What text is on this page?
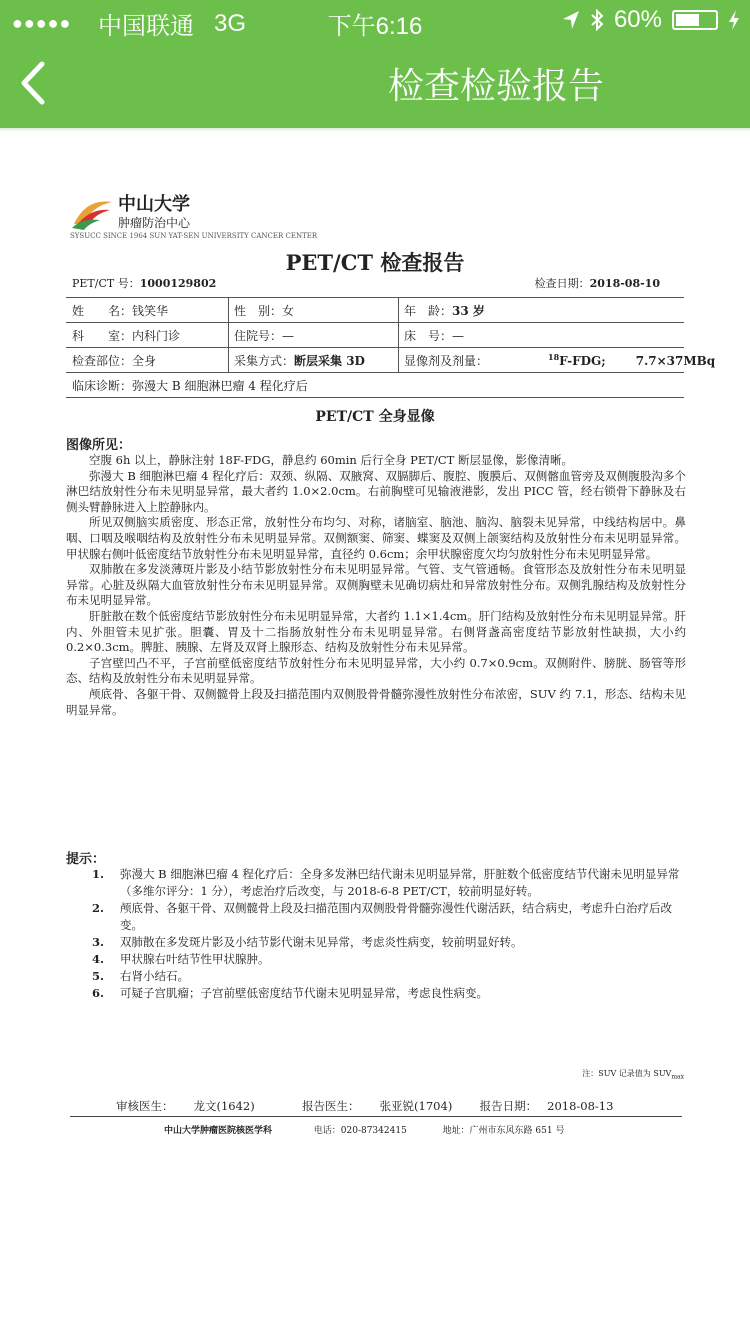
●●●●●	中国联通 3G	下午6:16	60%
检查检验报告
中山大学
肿瘤防治中心
SYSUCC SINCE 1964 SUN YAT-SEN UNIVERSITY CANCER CENTER
PET/CT 检查报告
PET/CT 号：1000129802	检查日期：2018-08-10
姓　　名：钱笑华	性　别：女	年　龄：33 岁
科　　室：内科门诊	住院号：—	床　号：—
检查部位：全身	采集方式：断层采集 3D	显像剂及剂量：	$^{18}$F-FDG;	7.7×37MBq
临床诊断：弥漫大 B 细胞淋巴瘤 4 程化疗后
PET/CT 全身显像
图像所见：

空腹 6h 以上，静脉注射 18F-FDG，静息约 60min 后行全身 PET/CT 断层显像，影像清晰。

弥漫大 B 细胞淋巴瘤 4 程化疗后：双颈、纵隔、双腋窝、双膈脚后、腹腔、腹膜后、双侧髂血管旁及双侧腹股沟多个淋巴结放射性分布未见明显异常，最大者约 1.0×2.0cm。右前胸壁可见输液港影，发出 PICC 管，经右锁骨下静脉及右侧头臂静脉进入上腔静脉内。

所见双侧脑实质密度、形态正常，放射性分布均匀、对称，诸脑室、脑池、脑沟、脑裂未见异常，中线结构居中。鼻咽、口咽及喉咽结构及放射性分布未见明显异常。双侧额窦、筛窦、蝶窦及双侧上颌窦结构及放射性分布未见明显异常。甲状腺右侧叶低密度结节放射性分布未见明显异常，直径约 0.6cm；余甲状腺密度欠均匀放射性分布未见明显异常。

双肺散在多发淡薄斑片影及小结节影放射性分布未见明显异常。气管、支气管通畅。食管形态及放射性分布未见明显异常。心脏及纵隔大血管放射性分布未见明显异常。双侧胸壁未见确切病灶和异常放射性分布。双侧乳腺结构及放射性分布未见明显异常。

肝脏散在数个低密度结节影放射性分布未见明显异常，大者约 1.1×1.4cm。肝门结构及放射性分布未见明显异常。肝内、外胆管未见扩张。胆囊、胃及十二指肠放射性分布未见明显异常。右侧肾盏高密度结节影放射性缺损，大小约 0.2×0.3cm。脾脏、胰腺、左肾及双肾上腺形态、结构及放射性分布未见异常。

子宫壁凹凸不平，子宫前壁低密度结节放射性分布未见明显异常，大小约 0.7×0.9cm。双侧附件、膀胱、肠管等形态、结构及放射性分布未见明显异常。

颅底骨、各躯干骨、双侧髋骨上段及扫描范围内双侧股骨骨髓弥漫性放射性分布浓密，SUV 约 7.1，形态、结构未见明显异常。

提示：
1. 弥漫大 B 细胞淋巴瘤 4 程化疗后：全身多发淋巴结代谢未见明显异常，肝脏数个低密度结节代谢未见明显异常（多维尔评分：1 分），考虑治疗后改变，与 2018-6-8 PET/CT，较前明显好转。
2. 颅底骨、各躯干骨、双侧髋骨上段及扫描范围内双侧股骨骨髓弥漫性代谢活跃，结合病史，考虑升白治疗后改变。
3. 双肺散在多发斑片影及小结节影代谢未见异常，考虑炎性病变，较前明显好转。
4. 甲状腺右叶结节性甲状腺肿。
5. 右肾小结石。
6. 可疑子宫肌瘤；子宫前壁低密度结节代谢未见明显异常，考虑良性病变。
注：SUV 记录值为 $SUV_{max}$
审核医生： 龙文(1642)	报告医生： 张亚锐(1704) 报告日期： 2018-08-13
中山大学肿瘤医院核医学科	电话：020-87342415	地址：广州市东风东路 651 号
